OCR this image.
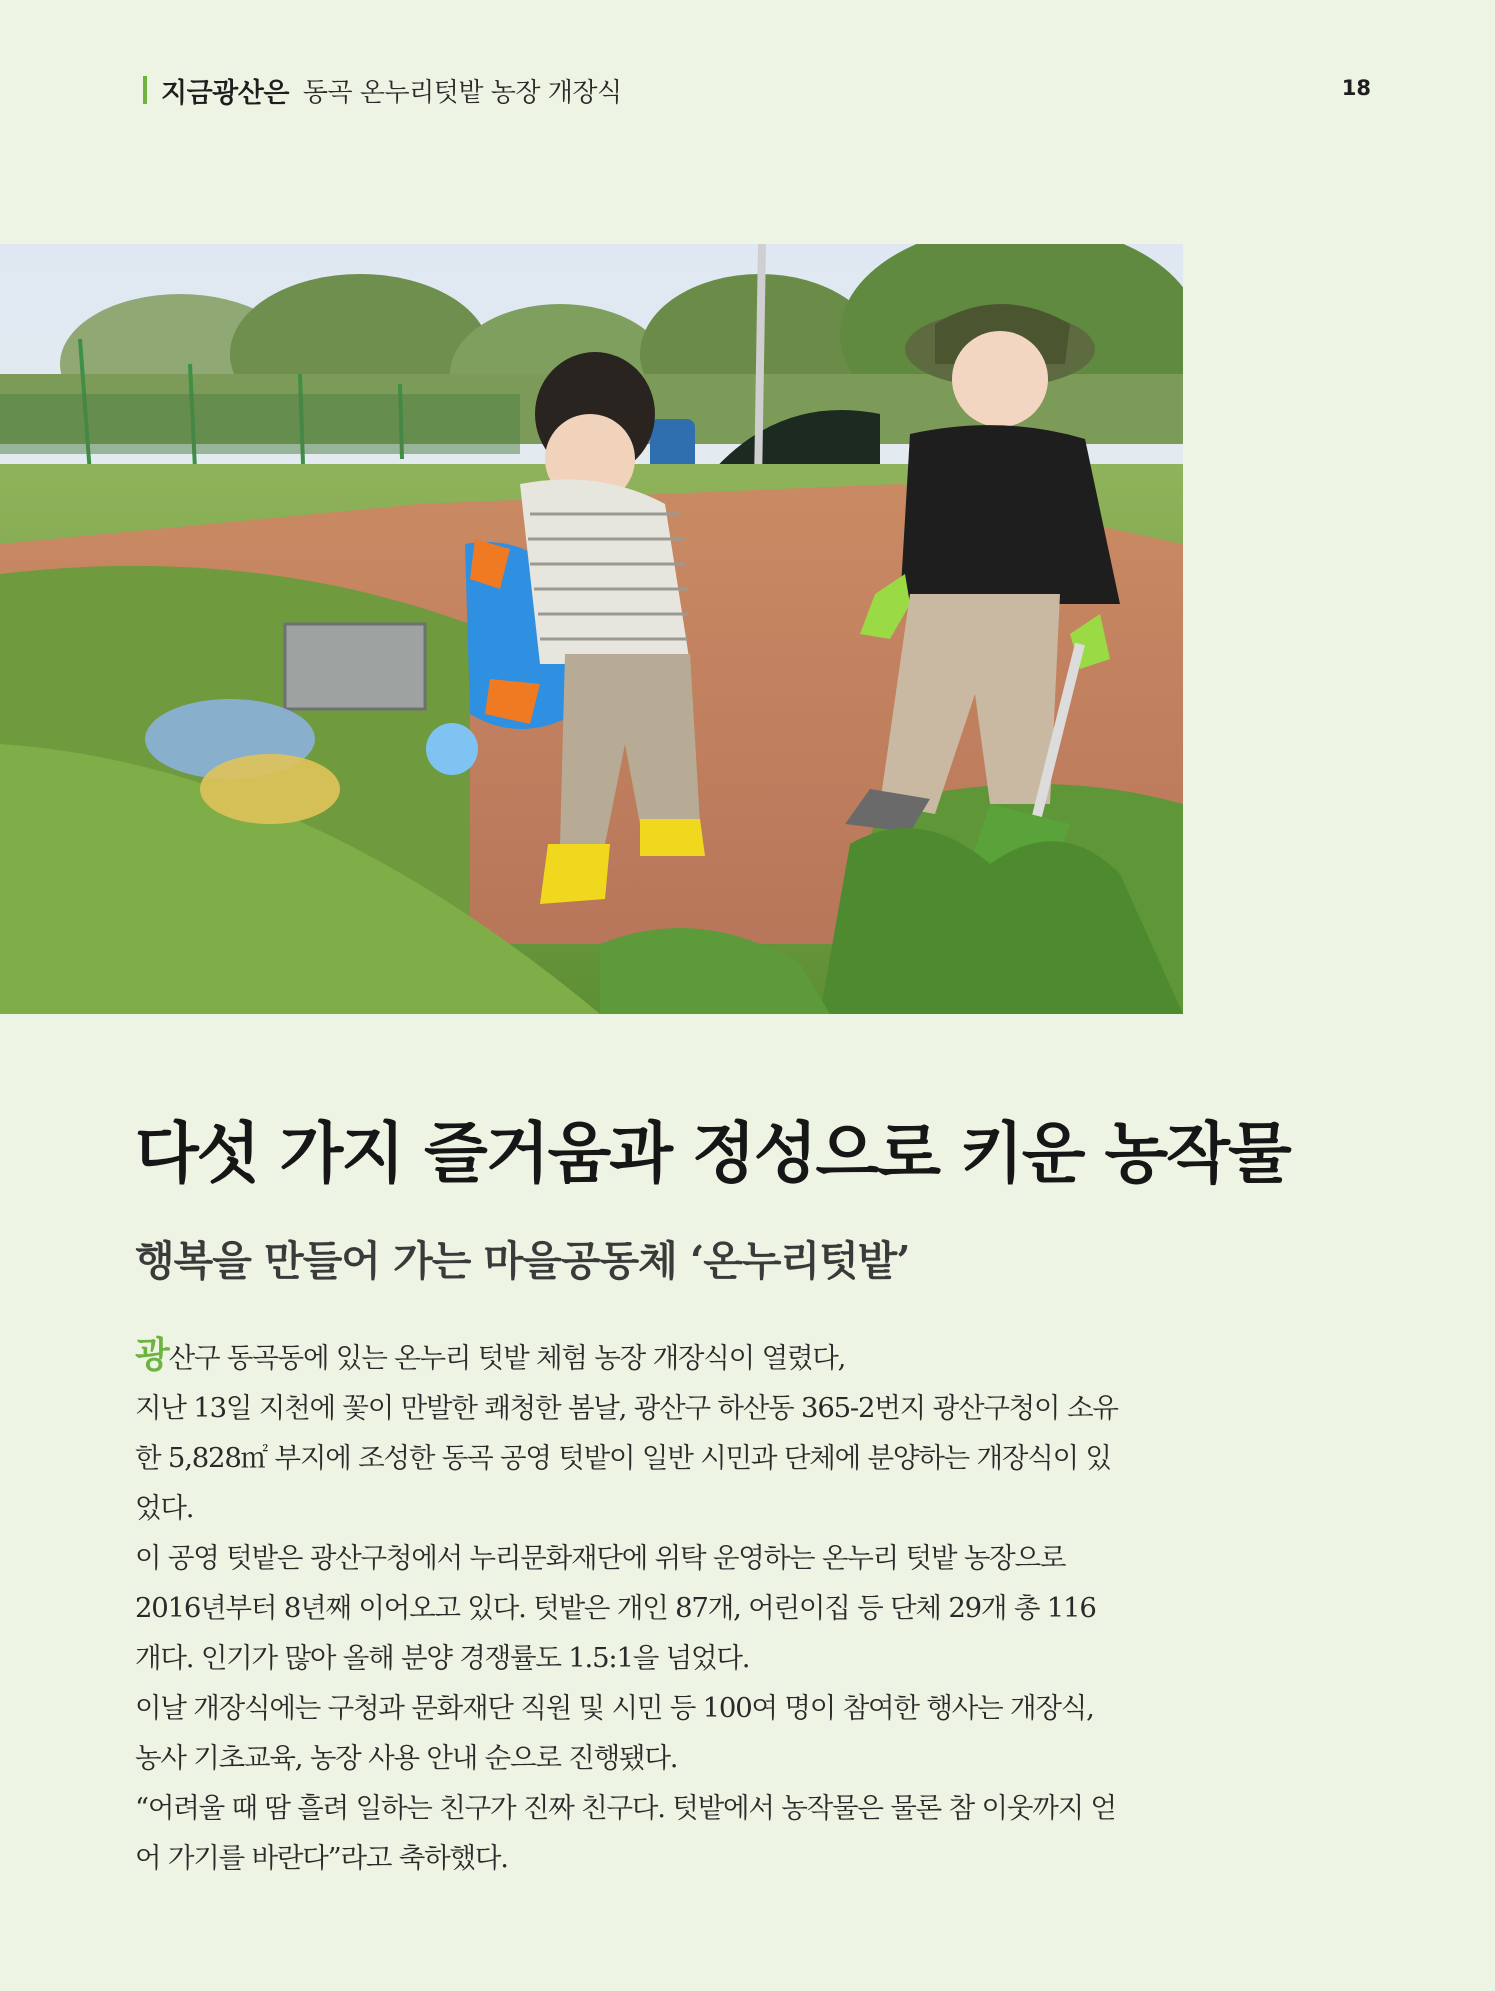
지금광산은 동곡 온누리텃밭 농장 개장식	18
다섯 가지 즐거움과 정성으로 키운 농작물
행복을 만들어 가는 마을공동체 ‘온누리텃밭’

광산구 동곡동에 있는 온누리 텃밭 체험 농장 개장식이 열렸다,

지난 13일 지천에 꽃이 만발한 쾌청한 봄날, 광산구 하산동 365-2번지 광산구청이 소유한 5,828㎡ 부지에 조성한 동곡 공영 텃밭이 일반 시민과 단체에 분양하는 개장식이 있었다.

이 공영 텃밭은 광산구청에서 누리문화재단에 위탁 운영하는 온누리 텃밭 농장으로 2016년부터 8년째 이어오고 있다. 텃밭은 개인 87개, 어린이집 등 단체 29개 총 116개다. 인기가 많아 올해 분양 경쟁률도 1.5:1을 넘었다.

이날 개장식에는 구청과 문화재단 직원 및 시민 등 100여 명이 참여한 행사는 개장식, 농사 기초교육, 농장 사용 안내 순으로 진행됐다.

“어려울 때 땀 흘려 일하는 친구가 진짜 친구다. 텃밭에서 농작물은 물론 참 이웃까지 얻어 가기를 바란다”라고 축하했다.
